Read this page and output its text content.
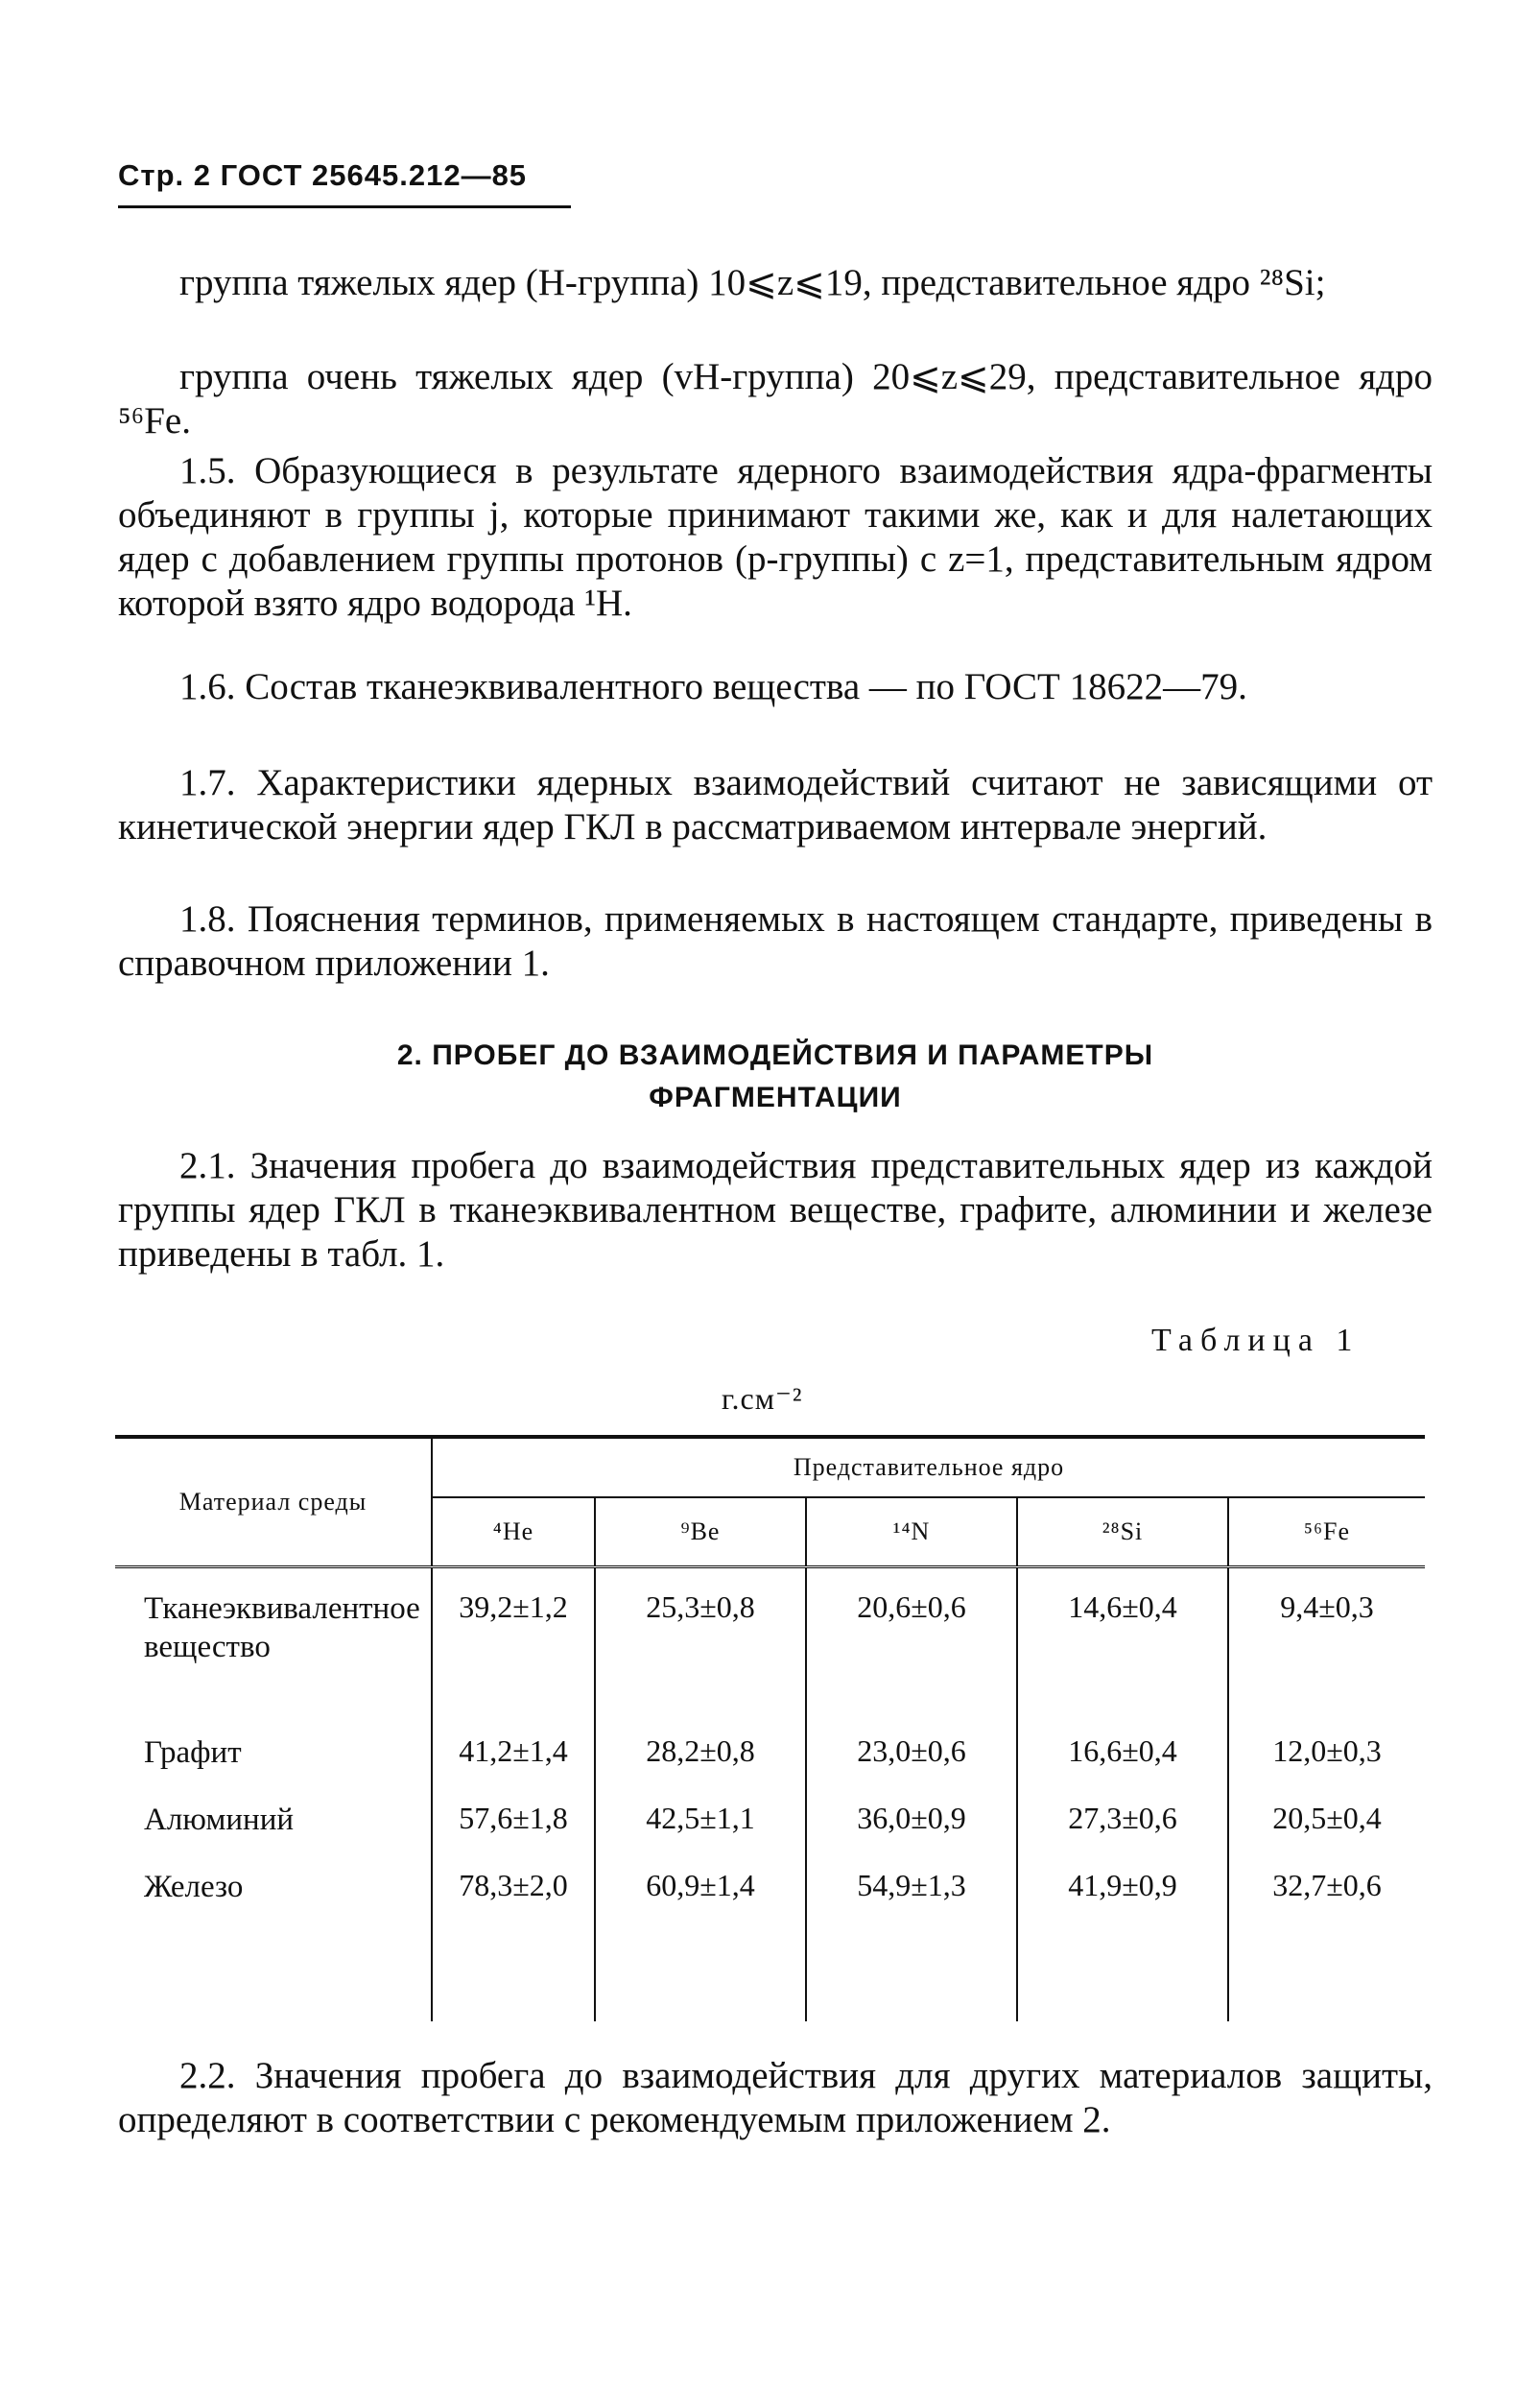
Стр. 2 ГОСТ 25645.212—85
группа тяжелых ядер (H-группа) 10⩽z⩽19, представительное ядро ²⁸Si;
группа очень тяжелых ядер (vH-группа) 20⩽z⩽29, представительное ядро ⁵⁶Fe.
1.5. Образующиеся в результате ядерного взаимодействия ядра-фрагменты объединяют в группы j, которые принимают такими же, как и для налетающих ядер с добавлением группы протонов (p-группы) с z=1, представительным ядром которой взято ядро водорода ¹H.
1.6. Состав тканеэквивалентного вещества — по ГОСТ 18622—79.
1.7. Характеристики ядерных взаимодействий считают не зависящими от кинетической энергии ядер ГКЛ в рассматриваемом интервале энергий.
1.8. Пояснения терминов, применяемых в настоящем стандарте, приведены в справочном приложении 1.
2. ПРОБЕГ ДО ВЗАИМОДЕЙСТВИЯ И ПАРАМЕТРЫ
ФРАГМЕНТАЦИИ
2.1. Значения пробега до взаимодействия представительных ядер из каждой группы ядер ГКЛ в тканеэквивалентном веществе, графите, алюминии и железе приведены в табл. 1.
Таблица 1
г.см⁻²
Материал среды	Представительное ядро				
	⁴He	⁹Be	¹⁴N	²⁸Si	⁵⁶Fe
Тканеэквивалентное вещество	39,2±1,2	25,3±0,8	20,6±0,6	14,6±0,4	9,4±0,3
Графит	41,2±1,4	28,2±0,8	23,0±0,6	16,6±0,4	12,0±0,3
Алюминий	57,6±1,8	42,5±1,1	36,0±0,9	27,3±0,6	20,5±0,4
Железо	78,3±2,0	60,9±1,4	54,9±1,3	41,9±0,9	32,7±0,6

2.2. Значения пробега до взаимодействия для других материалов защиты, определяют в соответствии с рекомендуемым приложением 2.
